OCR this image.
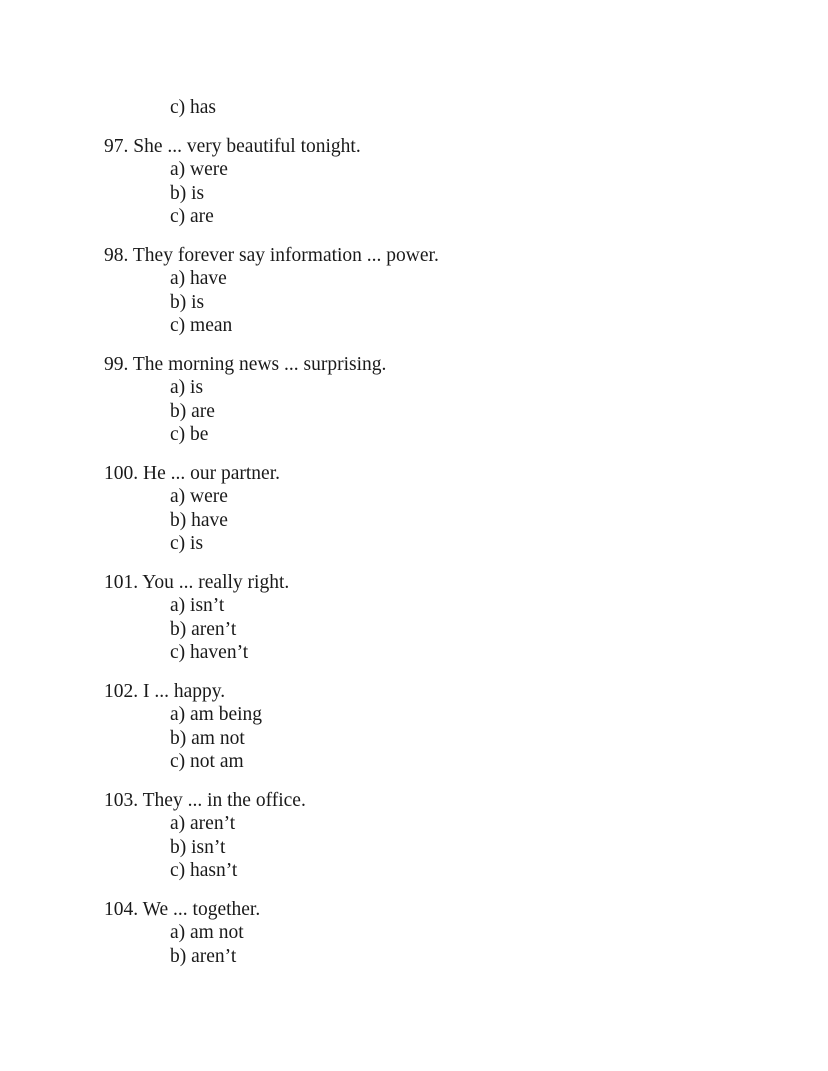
c) has
97. She ... very beautiful tonight.
a) were
b) is
c) are
98. They forever say information ... power.
a) have
b) is
c) mean
99. The morning news ... surprising.
a) is
b) are
c) be
100. He ... our partner.
a) were
b) have
c) is
101. You ... really right.
a) isn’t
b) aren’t
c) haven’t
102. I ... happy.
a) am being
b) am not
c) not am
103. They ... in the office.
a) aren’t
b) isn’t
c) hasn’t
104. We ... together.
a) am not
b) aren’t
